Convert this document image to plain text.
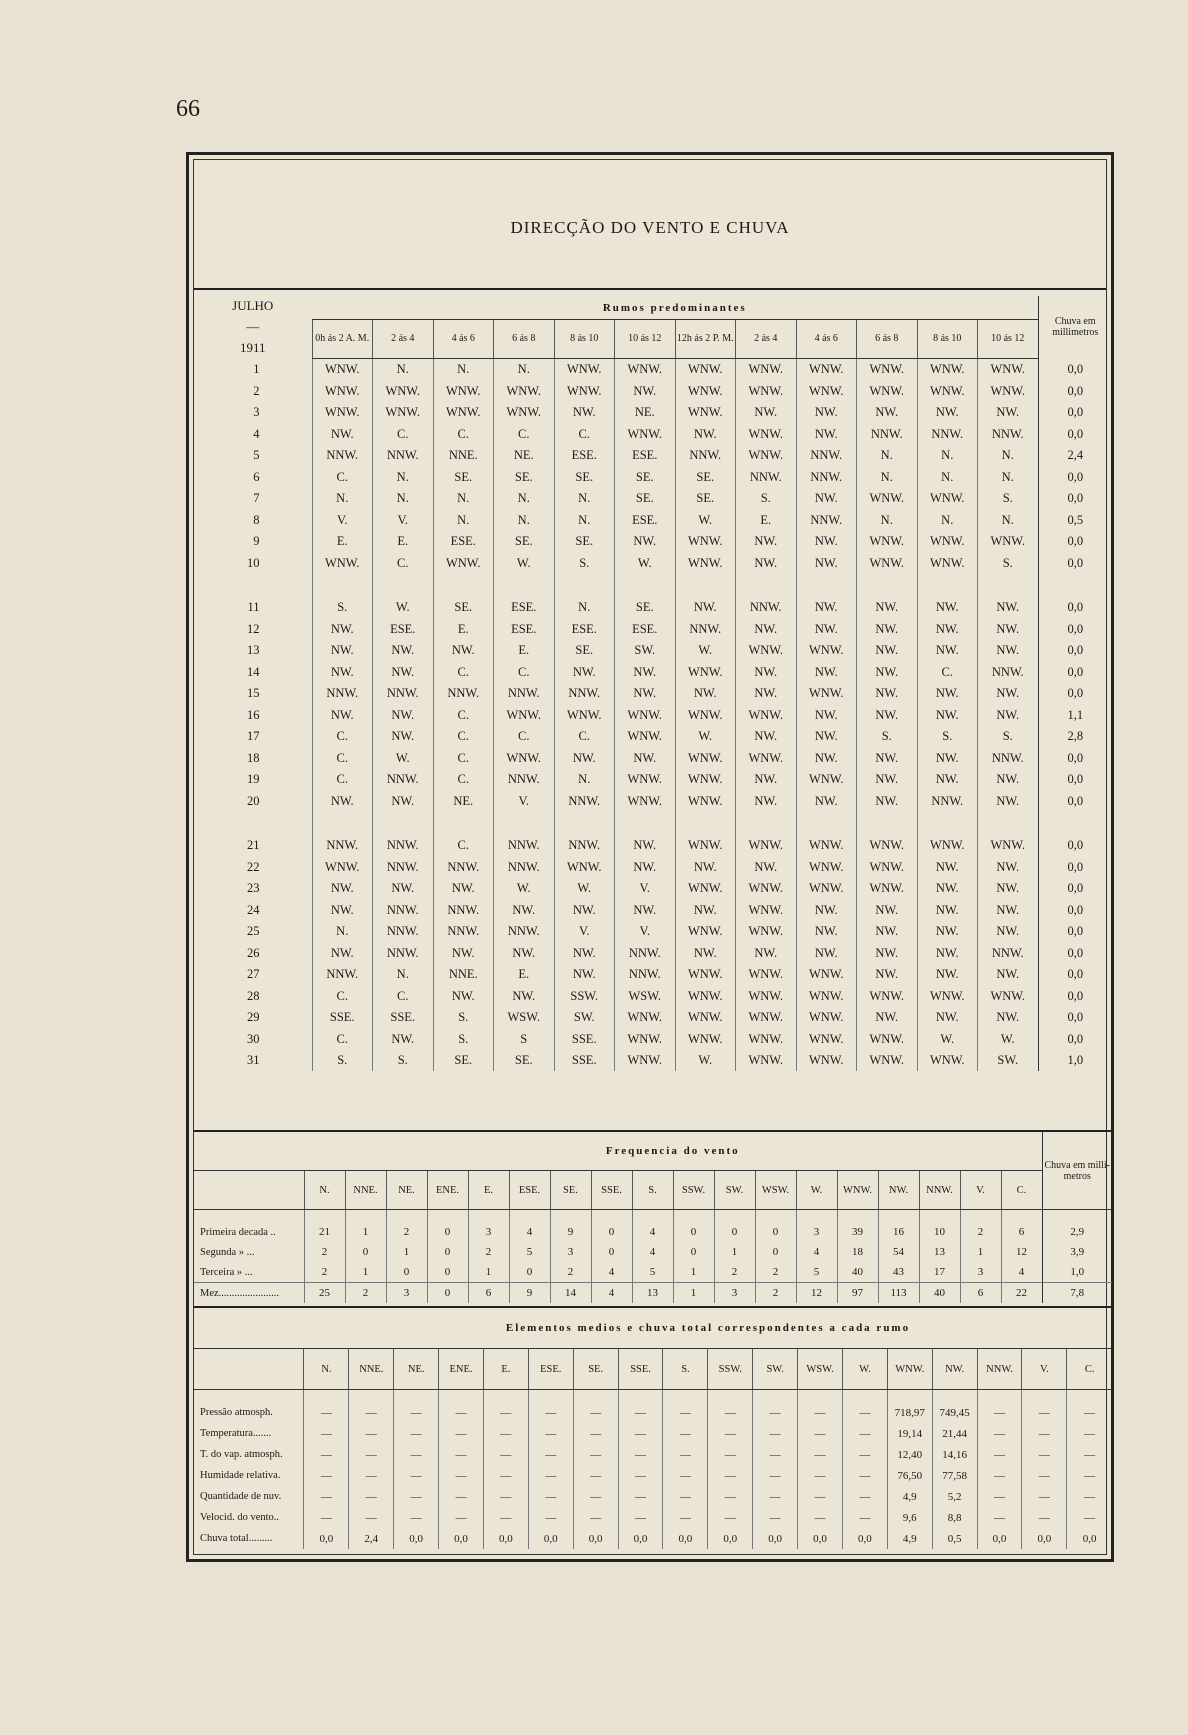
66
DIRECÇÃO DO VENTO E CHUVA
JULHO
—
1911	Rumos predominantes												Chuva em millimetros
	0h ás 2 A. M.	2 ás 4	4 ás 6	6 ás 8	8 ás 10	10 ás 12	12h ás 2 P. M.	2 ás 4	4 ás 6	6 ás 8	8 ás 10	10 ás 12	
1	WNW.	N.	N.	N.	WNW.	WNW.	WNW.	WNW.	WNW.	WNW.	WNW.	WNW.	0,0
2	WNW.	WNW.	WNW.	WNW.	WNW.	NW.	WNW.	WNW.	WNW.	WNW.	WNW.	WNW.	0,0
3	WNW.	WNW.	WNW.	WNW.	NW.	NE.	WNW.	NW.	NW.	NW.	NW.	NW.	0,0
4	NW.	C.	C.	C.	C.	WNW.	NW.	WNW.	NW.	NNW.	NNW.	NNW.	0,0
5	NNW.	NNW.	NNE.	NE.	ESE.	ESE.	NNW.	WNW.	NNW.	N.	N.	N.	2,4
6	C.	N.	SE.	SE.	SE.	SE.	SE.	NNW.	NNW.	N.	N.	N.	0,0
7	N.	N.	N.	N.	N.	SE.	SE.	S.	NW.	WNW.	WNW.	S.	0,0
8	V.	V.	N.	N.	N.	ESE.	W.	E.	NNW.	N.	N.	N.	0,5
9	E.	E.	ESE.	SE.	SE.	NW.	WNW.	NW.	NW.	WNW.	WNW.	WNW.	0,0
10	WNW.	C.	WNW.	W.	S.	W.	WNW.	NW.	NW.	WNW.	WNW.	S.	0,0

11	S.	W.	SE.	ESE.	N.	SE.	NW.	NNW.	NW.	NW.	NW.	NW.	0,0
12	NW.	ESE.	E.	ESE.	ESE.	ESE.	NNW.	NW.	NW.	NW.	NW.	NW.	0,0
13	NW.	NW.	NW.	E.	SE.	SW.	W.	WNW.	WNW.	NW.	NW.	NW.	0,0
14	NW.	NW.	C.	C.	NW.	NW.	WNW.	NW.	NW.	NW.	C.	NNW.	0,0
15	NNW.	NNW.	NNW.	NNW.	NNW.	NW.	NW.	NW.	WNW.	NW.	NW.	NW.	0,0
16	NW.	NW.	C.	WNW.	WNW.	WNW.	WNW.	WNW.	NW.	NW.	NW.	NW.	1,1
17	C.	NW.	C.	C.	C.	WNW.	W.	NW.	NW.	S.	S.	S.	2,8
18	C.	W.	C.	WNW.	NW.	NW.	WNW.	WNW.	NW.	NW.	NW.	NNW.	0,0
19	C.	NNW.	C.	NNW.	N.	WNW.	WNW.	NW.	WNW.	NW.	NW.	NW.	0,0
20	NW.	NW.	NE.	V.	NNW.	WNW.	WNW.	NW.	NW.	NW.	NNW.	NW.	0,0

21	NNW.	NNW.	C.	NNW.	NNW.	NW.	WNW.	WNW.	WNW.	WNW.	WNW.	WNW.	0,0
22	WNW.	NNW.	NNW.	NNW.	WNW.	NW.	NW.	NW.	WNW.	WNW.	NW.	NW.	0,0
23	NW.	NW.	NW.	W.	W.	V.	WNW.	WNW.	WNW.	WNW.	NW.	NW.	0,0
24	NW.	NNW.	NNW.	NW.	NW.	NW.	NW.	WNW.	NW.	NW.	NW.	NW.	0,0
25	N.	NNW.	NNW.	NNW.	V.	V.	WNW.	WNW.	NW.	NW.	NW.	NW.	0,0
26	NW.	NNW.	NW.	NW.	NW.	NNW.	NW.	NW.	NW.	NW.	NW.	NNW.	0,0
27	NNW.	N.	NNE.	E.	NW.	NNW.	WNW.	WNW.	WNW.	NW.	NW.	NW.	0,0
28	C.	C.	NW.	NW.	SSW.	WSW.	WNW.	WNW.	WNW.	WNW.	WNW.	WNW.	0,0
29	SSE.	SSE.	S.	WSW.	SW.	WNW.	WNW.	WNW.	WNW.	NW.	NW.	NW.	0,0
30	C.	NW.	S.	S	SSE.	WNW.	WNW.	WNW.	WNW.	WNW.	W.	W.	0,0
31	S.	S.	SE.	SE.	SSE.	WNW.	W.	WNW.	WNW.	WNW.	WNW.	SW.	1,0
	Frequencia do vento																		Chuva em milli- metros
	N.	NNE.	NE.	ENE.	E.	ESE.	SE.	SSE.	S.	SSW.	SW.	WSW.	W.	WNW.	NW.	NNW.	V.	C.	
Primeira decada ..	21	1	2	0	3	4	9	0	4	0	0	0	3	39	16	10	2	6	2,9
Segunda » ...	2	0	1	0	2	5	3	0	4	0	1	0	4	18	54	13	1	12	3,9
Terceira » ...	2	1	0	0	1	0	2	4	5	1	2	2	5	40	43	17	3	4	1,0
Mez.......................	25	2	3	0	6	9	14	4	13	1	3	2	12	97	113	40	6	22	7,8
	Elementos medios e chuva total correspondentes a cada rumo																	
	N.	NNE.	NE.	ENE.	E.	ESE.	SE.	SSE.	S.	SSW.	SW.	WSW.	W.	WNW.	NW.	NNW.	V.	C.
Pressão atmosph.	—	—	—	—	—	—	—	—	—	—	—	—	—	718,97	749,45	—	—	—
Temperatura.......	—	—	—	—	—	—	—	—	—	—	—	—	—	19,14	21,44	—	—	—
T. do vap. atmosph.	—	—	—	—	—	—	—	—	—	—	—	—	—	12,40	14,16	—	—	—
Humidade relativa.	—	—	—	—	—	—	—	—	—	—	—	—	—	76,50	77,58	—	—	—
Quantidade de nuv.	—	—	—	—	—	—	—	—	—	—	—	—	—	4,9	5,2	—	—	—
Velocid. do vento..	—	—	—	—	—	—	—	—	—	—	—	—	—	9,6	8,8	—	—	—
Chuva total.........	0,0	2,4	0,0	0,0	0,0	0,0	0,0	0,0	0,0	0,0	0,0	0,0	0,0	4,9	0,5	0,0	0,0	0,0
